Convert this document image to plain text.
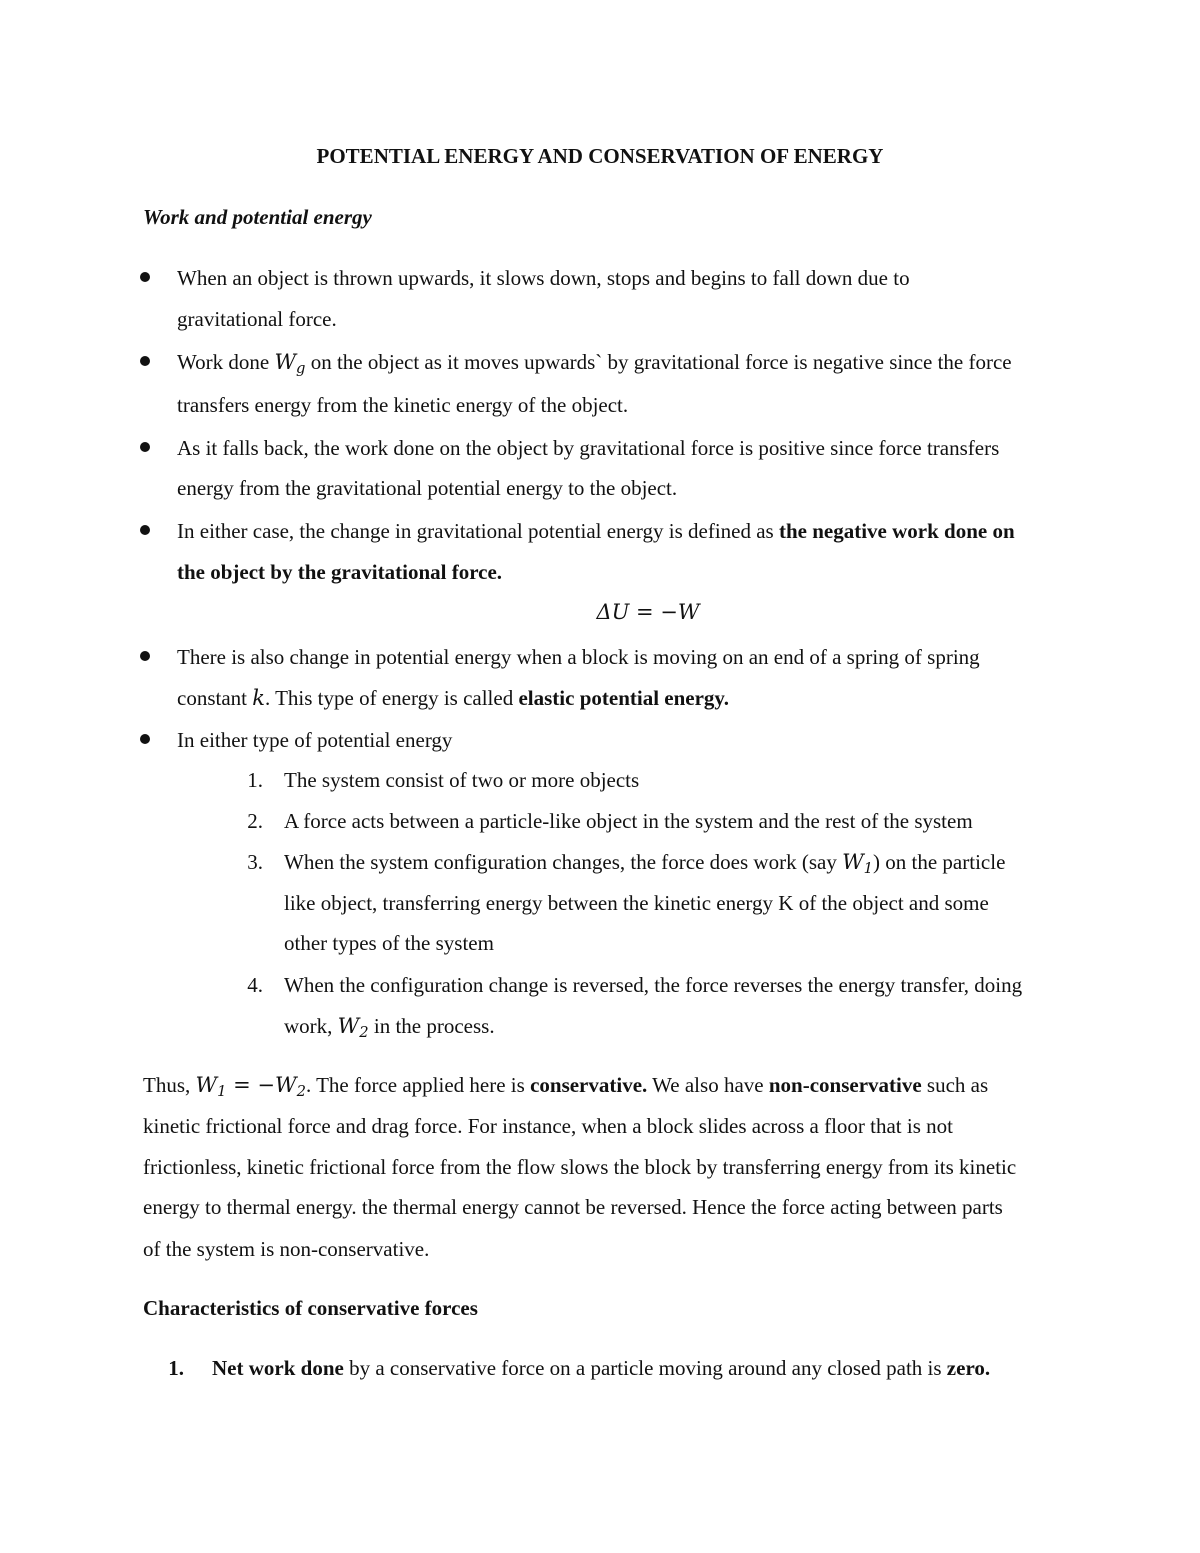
POTENTIAL ENERGY AND CONSERVATION OF ENERGY
Work and potential energy
When an object is thrown upwards, it slows down, stops and begins to fall down due to
gravitational force.
Work done $W_g$ on the object as it moves upwards` by gravitational force is negative since the force
transfers energy from the kinetic energy of the object.
As it falls back, the work done on the object by gravitational force is positive since force transfers
energy from the gravitational potential energy to the object.
In either case, the change in gravitational potential energy is defined as the negative work done on
the object by the gravitational force.
ΔU = −W
There is also change in potential energy when a block is moving on an end of a spring of spring
constant k. This type of energy is called elastic potential energy.
In either type of potential energy
1. The system consist of two or more objects
2. A force acts between a particle-like object in the system and the rest of the system
3. When the system configuration changes, the force does work (say $W_1$) on the particle
like object, transferring energy between the kinetic energy K of the object and some
other types of the system
4. When the configuration change is reversed, the force reverses the energy transfer, doing
work, $W_2$ in the process.
Thus, $W_1 = -W_2$. The force applied here is conservative. We also have non-conservative such as
kinetic frictional force and drag force. For instance, when a block slides across a floor that is not
frictionless, kinetic frictional force from the flow slows the block by transferring energy from its kinetic
energy to thermal energy. the thermal energy cannot be reversed. Hence the force acting between parts
of the system is non-conservative.
Characteristics of conservative forces
1. Net work done by a conservative force on a particle moving around any closed path is zero.
